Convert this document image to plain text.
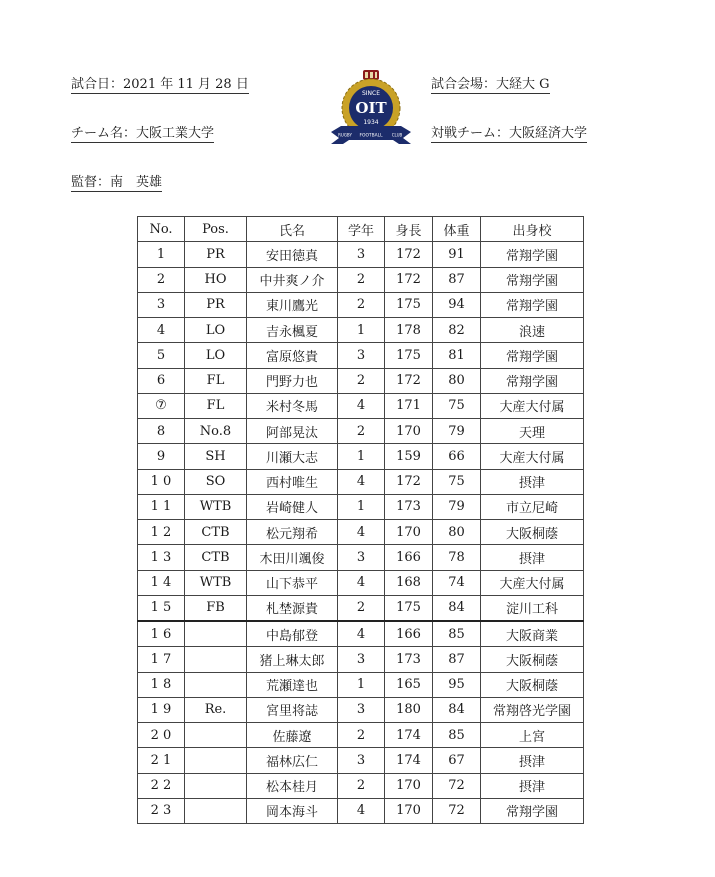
試合日：2021 年 11 月 28 日	試合会場：大経大 G
チーム名：大阪工業大学	対戦チーム：大阪経済大学
監督：南　英雄
SINCE
OIT
1934
RUGBY FOOTBALL CLUB
No.	Pos.	氏名	学年	身長	体重	出身校
1	PR	安田徳真	3	172	91	常翔学園
2	HO	中井爽ノ介	2	172	87	常翔学園
3	PR	東川鷹光	2	175	94	常翔学園
4	LO	吉永楓夏	1	178	82	浪速
5	LO	富原悠貴	3	175	81	常翔学園
6	FL	門野力也	2	172	80	常翔学園
⑦	FL	米村冬馬	4	171	75	大産大付属
8	No.8	阿部晃汰	2	170	79	天理
9	SH	川瀬大志	1	159	66	大産大付属
1 0	SO	西村唯生	4	172	75	摂津
1 1	WTB	岩崎健人	1	173	79	市立尼崎
1 2	CTB	松元翔希	4	170	80	大阪桐蔭
1 3	CTB	木田川颯俊	3	166	78	摂津
1 4	WTB	山下恭平	4	168	74	大産大付属
1 5	FB	札埜源貴	2	175	84	淀川工科
1 6		中島郁登	4	166	85	大阪商業
1 7		猪上琳太郎	3	173	87	大阪桐蔭
1 8		荒瀬達也	1	165	95	大阪桐蔭
1 9	Re.	宮里将誌	3	180	84	常翔啓光学園
2 0		佐藤遼	2	174	85	上宮
2 1		福林広仁	3	174	67	摂津
2 2		松本桂月	2	170	72	摂津
2 3		岡本海斗	4	170	72	常翔学園
